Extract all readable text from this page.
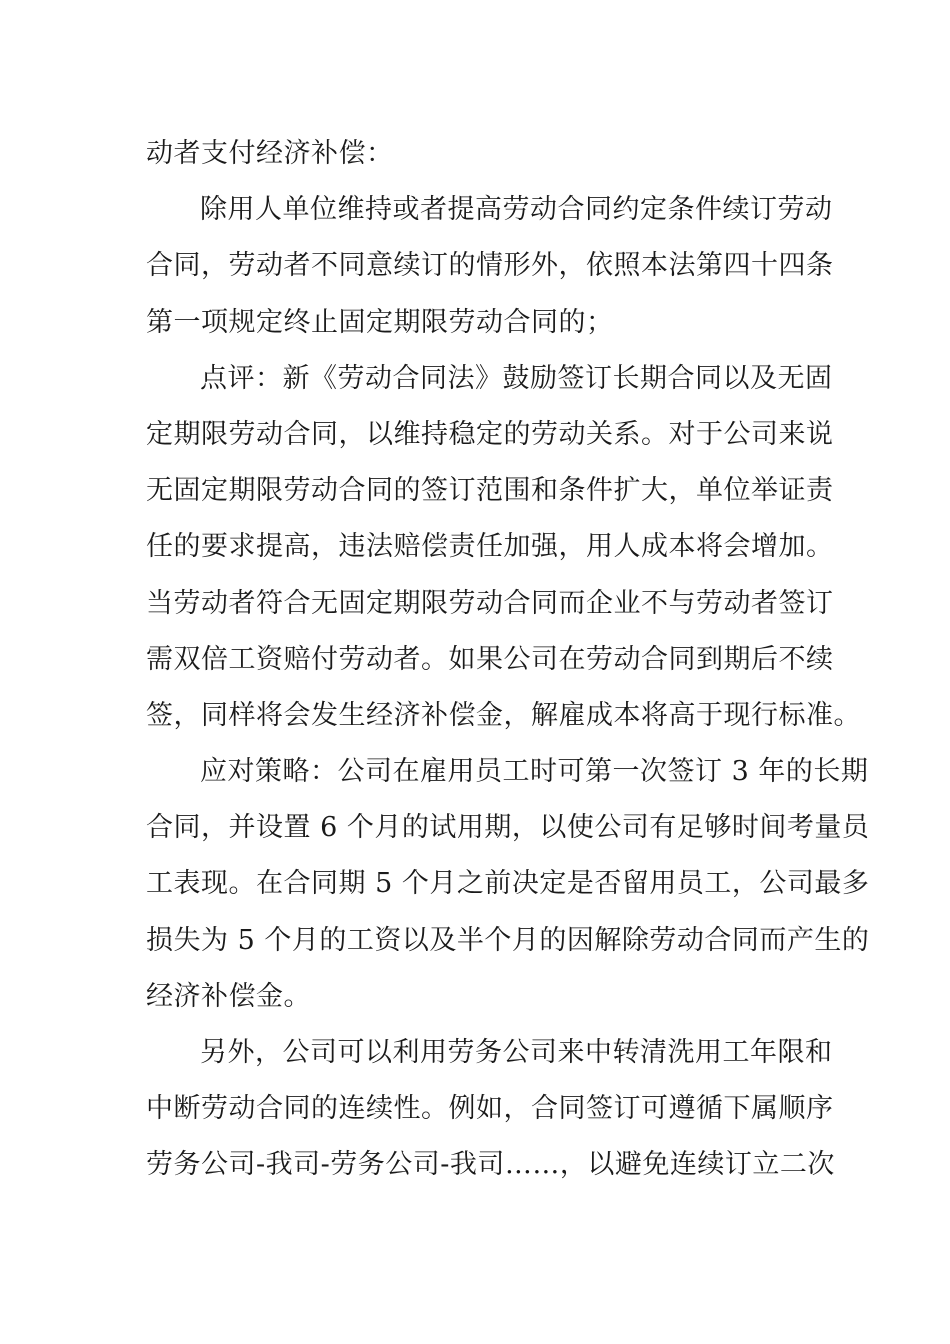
动者支付经济补偿：
除用人单位维持或者提高劳动合同约定条件续订劳动
合同，劳动者不同意续订的情形外，依照本法第四十四条
第一项规定终止固定期限劳动合同的；
点评：新《劳动合同法》鼓励签订长期合同以及无固
定期限劳动合同，以维持稳定的劳动关系。对于公司来说
无固定期限劳动合同的签订范围和条件扩大，单位举证责
任的要求提高，违法赔偿责任加强，用人成本将会增加。
当劳动者符合无固定期限劳动合同而企业不与劳动者签订
需双倍工资赔付劳动者。如果公司在劳动合同到期后不续
签，同样将会发生经济补偿金，解雇成本将高于现行标准。
应对策略：公司在雇用员工时可第一次签订 3 年的长期
合同，并设置 6 个月的试用期，以使公司有足够时间考量员
工表现。在合同期 5 个月之前决定是否留用员工，公司最多
损失为 5 个月的工资以及半个月的因解除劳动合同而产生的
经济补偿金。
另外，公司可以利用劳务公司来中转清洗用工年限和
中断劳动合同的连续性。例如，合同签订可遵循下属顺序
劳务公司-我司-劳务公司-我司……，以避免连续订立二次
